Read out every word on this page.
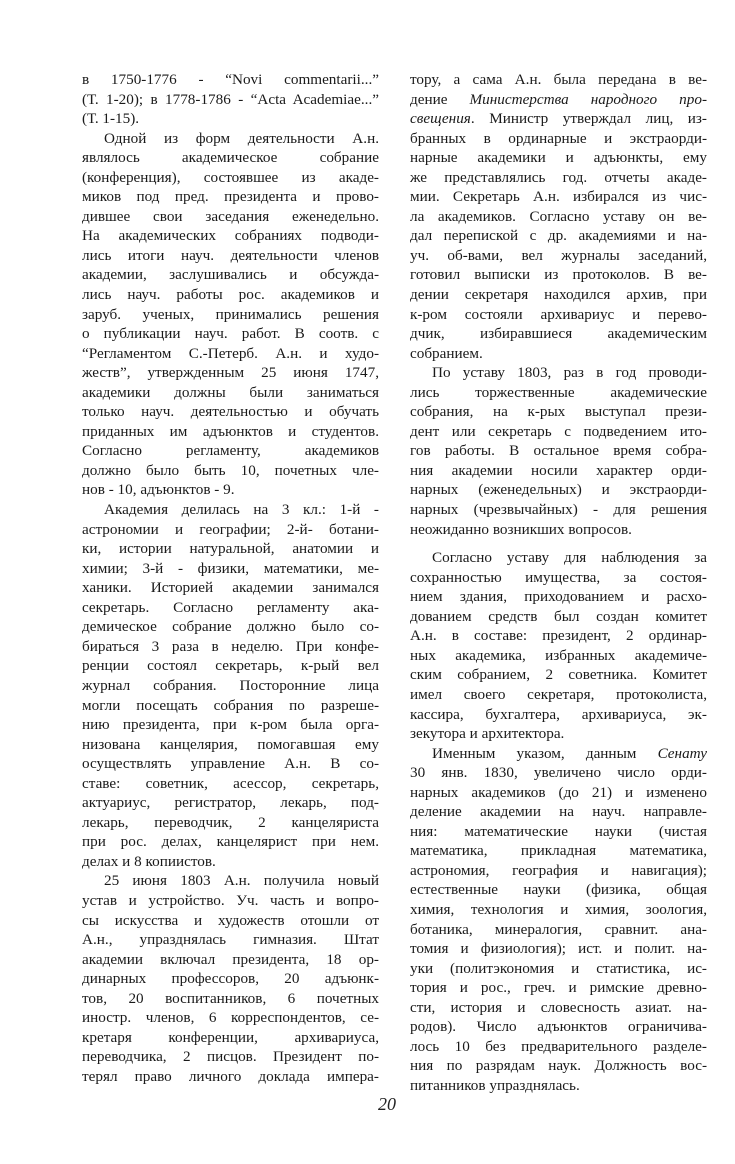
в 1750-1776 - “Novi commentarii...”
(Т. 1-20); в 1778-1786 - “Acta Academiae...”
(Т. 1-15).
Одной из форм деятельности А.н.
являлось академическое собрание
(конференция), состоявшее из акаде-
миков под пред. президента и прово-
дившее свои заседания еженедельно.
На академических собраниях подводи-
лись итоги науч. деятельности членов
академии, заслушивались и обсужда-
лись науч. работы рос. академиков и
заруб. ученых, принимались решения
о публикации науч. работ. В соотв. с
“Регламентом С.-Петерб. А.н. и худо-
жеств”, утвержденным 25 июня 1747,
академики должны были заниматься
только науч. деятельностью и обучать
приданных им адъюнктов и студентов.
Согласно регламенту, академиков
должно было быть 10, почетных чле-
нов - 10, адъюнктов - 9.
Академия делилась на 3 кл.: 1-й -
астрономии и географии; 2-й- ботани-
ки, истории натуральной, анатомии и
химии; 3-й - физики, математики, ме-
ханики. Историей академии занимался
секретарь. Согласно регламенту ака-
демическое собрание должно было со-
бираться 3 раза в неделю. При конфе-
ренции состоял секретарь, к-рый вел
журнал собрания. Посторонние лица
могли посещать собрания по разреше-
нию президента, при к-ром была орга-
низована канцелярия, помогавшая ему
осуществлять управление А.н. В со-
ставе: советник, асессор, секретарь,
актуариус, регистратор, лекарь, под-
лекарь, переводчик, 2 канцеляриста
при рос. делах, канцелярист при нем.
делах и 8 копиистов.
25 июня 1803 А.н. получила новый
устав и устройство. Уч. часть и вопро-
сы искусства и художеств отошли от
А.н., упразднялась гимназия. Штат
академии включал президента, 18 ор-
динарных профессоров, 20 адъюнк-
тов, 20 воспитанников, 6 почетных
иностр. членов, 6 корреспондентов, се-
кретаря конференции, архивариуса,
переводчика, 2 писцов. Президент по-
терял право личного доклада импера-
тору, а сама А.н. была передана в ве-
дение Министерства народного про-
свещения. Министр утверждал лиц, из-
бранных в ординарные и экстраорди-
нарные академики и адъюнкты, ему
же представлялись год. отчеты акаде-
мии. Секретарь А.н. избирался из чис-
ла академиков. Согласно уставу он ве-
дал перепиской с др. академиями и на-
уч. об-вами, вел журналы заседаний,
готовил выписки из протоколов. В ве-
дении секретаря находился архив, при
к-ром состояли архивариус и перево-
дчик, избиравшиеся академическим
собранием.
По уставу 1803, раз в год проводи-
лись торжественные академические
собрания, на к-рых выступал прези-
дент или секретарь с подведением ито-
гов работы. В остальное время собра-
ния академии носили характер орди-
нарных (еженедельных) и экстраорди-
нарных (чрезвычайных) - для решения
неожиданно возникших вопросов.
Согласно уставу для наблюдения за
сохранностью имущества, за состоя-
нием здания, приходованием и расхо-
дованием средств был создан комитет
А.н. в составе: президент, 2 ординар-
ных академика, избранных академиче-
ским собранием, 2 советника. Комитет
имел своего секретаря, протоколиста,
кассира, бухгалтера, архивариуса, эк-
зекутора и архитектора.
Именным указом, данным Сенату
30 янв. 1830, увеличено число орди-
нарных академиков (до 21) и изменено
деление академии на науч. направле-
ния: математические науки (чистая
математика, прикладная математика,
астрономия, география и навигация);
естественные науки (физика, общая
химия, технология и химия, зоология,
ботаника, минералогия, сравнит. ана-
томия и физиология); ист. и полит. на-
уки (политэкономия и статистика, ис-
тория и рос., греч. и римские древно-
сти, история и словесность азиат. на-
родов). Число адъюнктов ограничива-
лось 10 без предварительного разделе-
ния по разрядам наук. Должность вос-
питанников упразднялась.
20
